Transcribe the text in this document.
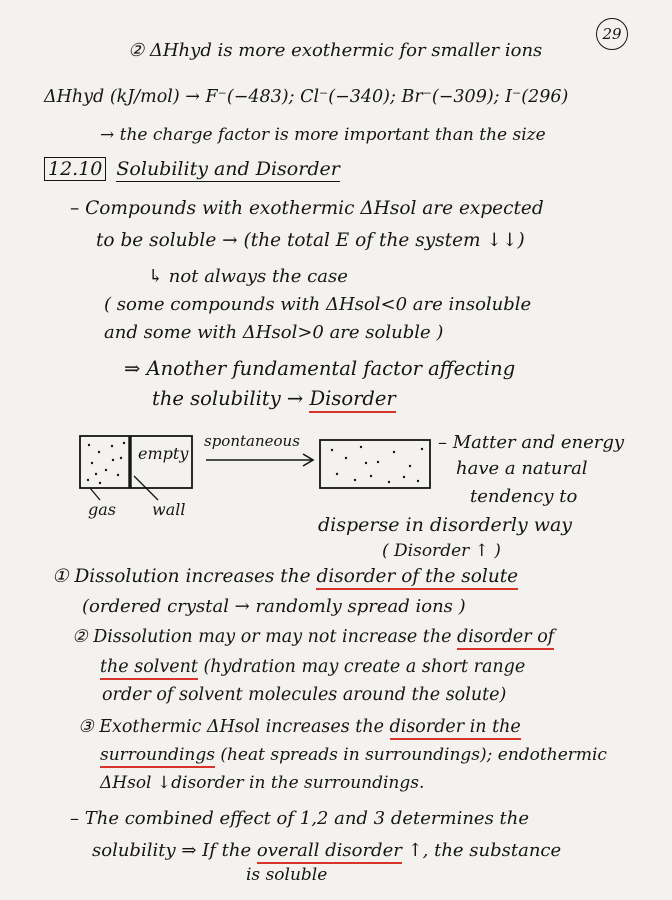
29
② ΔHhyd is more exothermic for smaller ions
ΔHhyd (kJ/mol) → F⁻(−483); Cl⁻(−340); Br⁻(−309); I⁻(296)
→ the charge factor is more important than the size
12.10 Solubility and Disorder
– Compounds with exothermic ΔHsol are expected
to be soluble → (the total E of the system ↓↓)
↳ not always the case
( some compounds with ΔHsol<0 are insoluble
and some with ΔHsol>0 are soluble )
⇒ Another fundamental factor affecting
the solubility → Disorder
empty
spontaneous
gas wall
– Matter and energy
have a natural
tendency to
disperse in disorderly way
( Disorder ↑ )
① Dissolution increases the disorder of the solute
(ordered crystal → randomly spread ions )
② Dissolution may or may not increase the disorder of
the solvent (hydration may create a short range
order of solvent molecules around the solute)
③ Exothermic ΔHsol increases the disorder in the
surroundings (heat spreads in surroundings); endothermic
ΔHsol ↓disorder in the surroundings.
– The combined effect of 1,2 and 3 determines the
solubility ⇒ If the overall disorder ↑, the substance
is soluble
